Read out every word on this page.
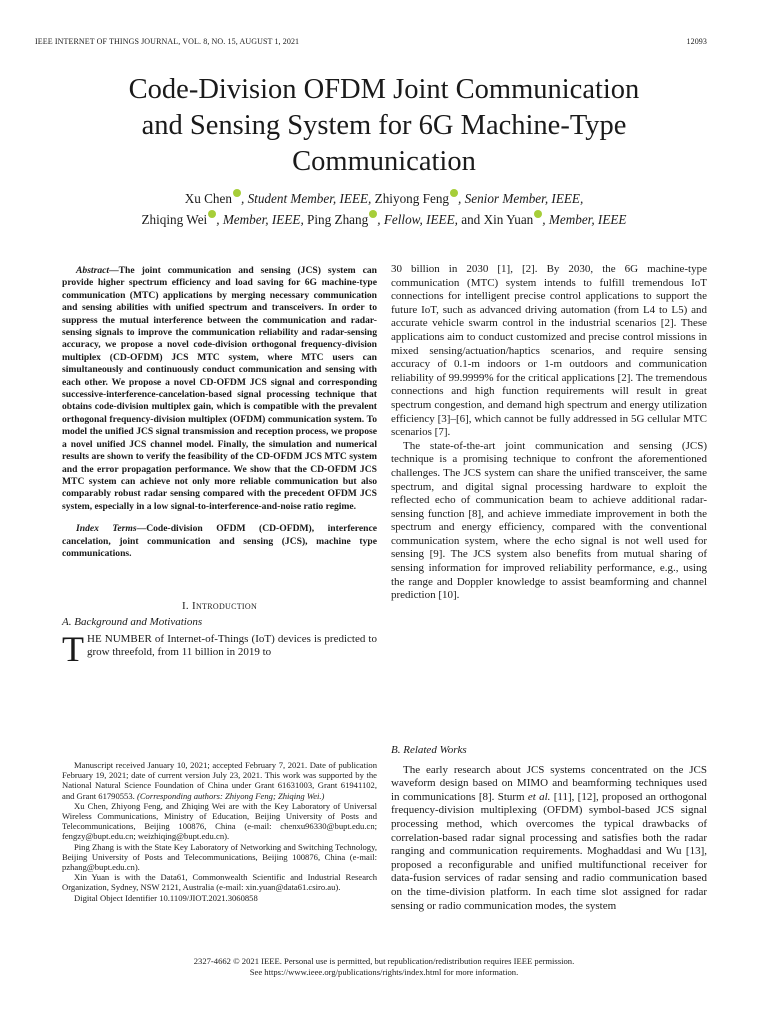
IEEE INTERNET OF THINGS JOURNAL, VOL. 8, NO. 15, AUGUST 1, 2021	12093
Code-Division OFDM Joint Communication
and Sensing System for 6G Machine-Type
Communication
Xu Chen , Student Member, IEEE, Zhiyong Feng , Senior Member, IEEE,
Zhiqing Wei , Member, IEEE, Ping Zhang , Fellow, IEEE, and Xin Yuan , Member, IEEE

Abstract—The joint communication and sensing (JCS) system can provide higher spectrum efficiency and load saving for 6G machine-type communication (MTC) applications by merging necessary communication and sensing abilities with unified spectrum and transceivers. In order to suppress the mutual interference between the communication and radar-sensing signals to improve the communication reliability and radar-sensing accuracy, we propose a novel code-division orthogonal frequency-division multiplex (CD-OFDM) JCS MTC system, where MTC users can simultaneously and continuously conduct communication and sensing with each other. We propose a novel CD-OFDM JCS signal and corresponding successive-interference-cancelation-based signal processing technique that obtains code-division multiplex gain, which is compatible with the prevalent orthogonal frequency-division multiplex (OFDM) communication system. To model the unified JCS signal transmission and reception process, we propose a novel unified JCS channel model. Finally, the simulation and numerical results are shown to verify the feasibility of the CD-OFDM JCS MTC system and the error propagation performance. We show that the CD-OFDM JCS MTC system can achieve not only more reliable communication but also comparably robust radar sensing compared with the precedent OFDM JCS system, especially in a low signal-to-interference-and-noise ratio regime.

Index Terms—Code-division OFDM (CD-OFDM), interference cancelation, joint communication and sensing (JCS), machine type communications.

I. Introduction
A. Background and Motivations

THE NUMBER of Internet-of-Things (IoT) devices is predicted to grow threefold, from 11 billion in 2019 to

Manuscript received January 10, 2021; accepted February 7, 2021. Date of publication February 19, 2021; date of current version July 23, 2021. This work was supported by the National Natural Science Foundation of China under Grant 61631003, Grant 61941102, and Grant 61790553. (Corresponding authors: Zhiyong Feng; Zhiqing Wei.)

Xu Chen, Zhiyong Feng, and Zhiqing Wei are with the Key Laboratory of Universal Wireless Communications, Ministry of Education, Beijing University of Posts and Telecommunications, Beijing 100876, China (e-mail: chenxu96330@bupt.edu.cn; fengzy@bupt.edu.cn; weizhiqing@bupt.edu.cn).

Ping Zhang is with the State Key Laboratory of Networking and Switching Technology, Beijing University of Posts and Telecommunications, Beijing 100876, China (e-mail: pzhang@bupt.edu.cn).

Xin Yuan is with the Data61, Commonwealth Scientific and Industrial Research Organization, Sydney, NSW 2121, Australia (e-mail: xin.yuan@data61.csiro.au).

Digital Object Identifier 10.1109/JIOT.2021.3060858

30 billion in 2030 [1], [2]. By 2030, the 6G machine-type communication (MTC) system intends to fulfill tremendous IoT connections for intelligent precise control applications to support the future IoT, such as advanced driving automation (from L4 to L5) and accurate vehicle swarm control in the industrial scenarios [2]. These applications aim to conduct customized and precise control missions in mixed sensing/actuation/haptics scenarios, and require sensing accuracy of 0.1-m indoors or 1-m outdoors and communication reliability of 99.9999% for the critical applications [2]. The tremendous connections and high function requirements will result in great spectrum congestion, and demand high spectrum and energy utilization efficiency [3]–[6], which cannot be fully addressed in 5G cellular MTC scenarios [7].

The state-of-the-art joint communication and sensing (JCS) technique is a promising technique to confront the aforementioned challenges. The JCS system can share the unified transceiver, the same spectrum, and digital signal processing hardware to exploit the reflected echo of communication beam to achieve additional radar-sensing function [8], and achieve immediate improvement in both the spectrum and energy efficiency, compared with the conventional communication system, where the echo signal is not well used for sensing [9]. The JCS system also benefits from mutual sharing of sensing information for improved reliability performance, e.g., using the range and Doppler knowledge to assist beamforming and channel prediction [10].

B. Related Works

The early research about JCS systems concentrated on the JCS waveform design based on MIMO and beamforming techniques used in communications [8]. Sturm et al. [11], [12], proposed an orthogonal frequency-division multiplexing (OFDM) symbol-based JCS signal processing method, which overcomes the typical drawbacks of correlation-based radar signal processing and satisfies both the radar ranging and communication requirements. Moghaddasi and Wu [13], proposed a reconfigurable and unified multifunctional receiver for data-fusion services of radar sensing and radio communication based on the time-division platform. In each time slot assigned for radar sensing or radio communication modes, the system

2327-4662 © 2021 IEEE. Personal use is permitted, but republication/redistribution requires IEEE permission.
See https://www.ieee.org/publications/rights/index.html for more information.
